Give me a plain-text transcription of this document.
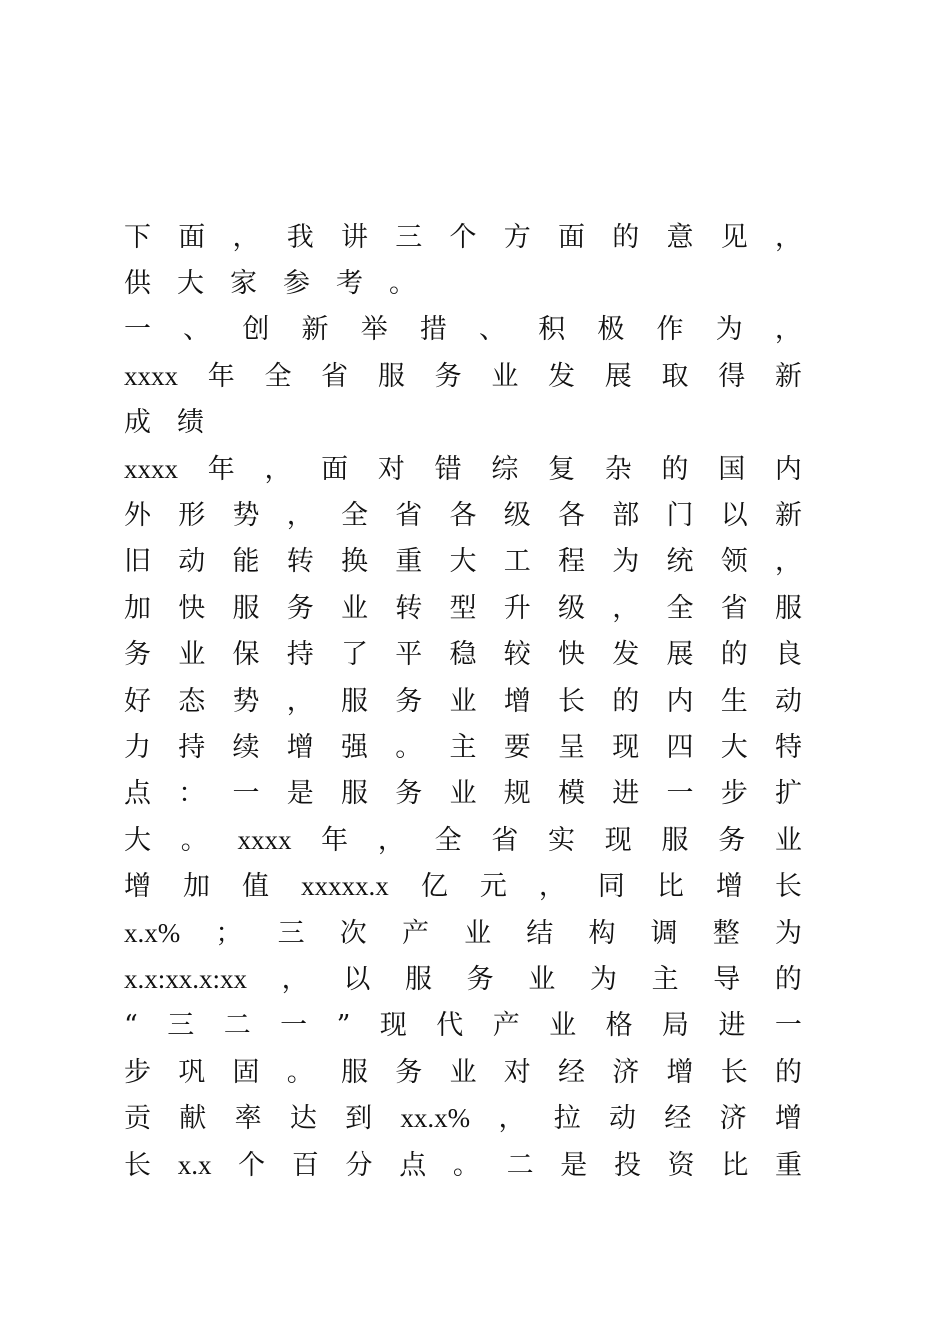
下 面 ， 我 讲 三 个 方 面 的 意 见 ，
供 大 家 参 考 。
一 、 创 新 举 措 、 积 极 作 为 ，
xxxx 年 全 省 服 务 业 发 展 取 得 新
成 绩
xxxx 年 ， 面 对 错 综 复 杂 的 国 内
外 形 势 ， 全 省 各 级 各 部 门 以 新
旧 动 能 转 换 重 大 工 程 为 统 领 ，
加 快 服 务 业 转 型 升 级 ， 全 省 服
务 业 保 持 了 平 稳 较 快 发 展 的 良
好 态 势 ， 服 务 业 增 长 的 内 生 动
力 持 续 增 强 。 主 要 呈 现 四 大 特
点 ： 一 是 服 务 业 规 模 进 一 步 扩
大 。 xxxx 年 ， 全 省 实 现 服 务 业
增 加 值 xxxxx.x 亿 元 ， 同 比 增 长
x.x% ； 三 次 产 业 结 构 调 整 为
x.x:xx.x:xx ， 以 服 务 业 为 主 导 的
“ 三 二 一 ” 现 代 产 业 格 局 进 一
步 巩 固 。 服 务 业 对 经 济 增 长 的
贡 献 率 达 到 xx.x% ， 拉 动 经 济 增
长 x.x 个 百 分 点 。 二 是 投 资 比 重
